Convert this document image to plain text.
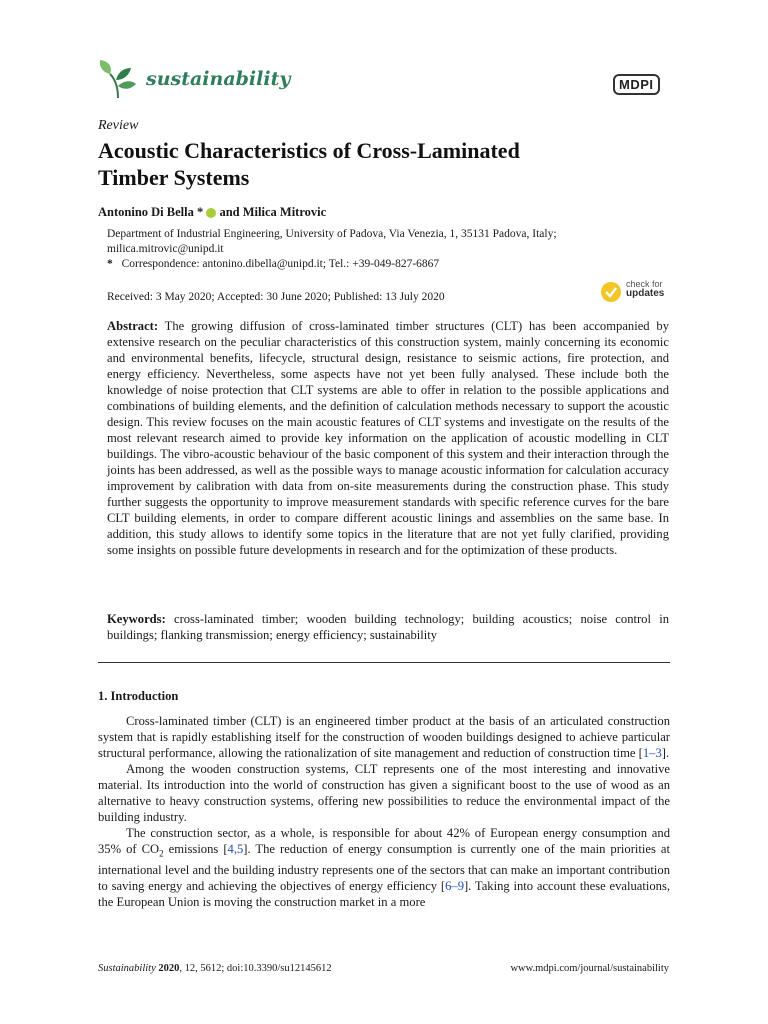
sustainability	MDPI
Review
Acoustic Characteristics of Cross-Laminated
Timber Systems
Antonino Di Bella *  and Milica Mitrovic
Department of Industrial Engineering, University of Padova, Via Venezia, 1, 35131 Padova, Italy;
milica.mitrovic@unipd.it
* Correspondence: antonino.dibella@unipd.it; Tel.: +39-049-827-6867
Received: 3 May 2020; Accepted: 30 June 2020; Published: 13 July 2020
check for
updates

Abstract: The growing diffusion of cross-laminated timber structures (CLT) has been accompanied by extensive research on the peculiar characteristics of this construction system, mainly concerning its economic and environmental benefits, lifecycle, structural design, resistance to seismic actions, fire protection, and energy efficiency. Nevertheless, some aspects have not yet been fully analysed. These include both the knowledge of noise protection that CLT systems are able to offer in relation to the possible applications and combinations of building elements, and the definition of calculation methods necessary to support the acoustic design. This review focuses on the main acoustic features of CLT systems and investigate on the results of the most relevant research aimed to provide key information on the application of acoustic modelling in CLT buildings. The vibro-acoustic behaviour of the basic component of this system and their interaction through the joints has been addressed, as well as the possible ways to manage acoustic information for calculation accuracy improvement by calibration with data from on-site measurements during the construction phase. This study further suggests the opportunity to improve measurement standards with specific reference curves for the bare CLT building elements, in order to compare different acoustic linings and assemblies on the same base. In addition, this study allows to identify some topics in the literature that are not yet fully clarified, providing some insights on possible future developments in research and for the optimization of these products.

Keywords: cross-laminated timber; wooden building technology; building acoustics; noise control in buildings; flanking transmission; energy efficiency; sustainability
1. Introduction

Cross-laminated timber (CLT) is an engineered timber product at the basis of an articulated construction system that is rapidly establishing itself for the construction of wooden buildings designed to achieve particular structural performance, allowing the rationalization of site management and reduction of construction time [1–3].

Among the wooden construction systems, CLT represents one of the most interesting and innovative material. Its introduction into the world of construction has given a significant boost to the use of wood as an alternative to heavy construction systems, offering new possibilities to reduce the environmental impact of the building industry.

The construction sector, as a whole, is responsible for about 42% of European energy consumption and 35% of $CO_2$ emissions [4,5]. The reduction of energy consumption is currently one of the main priorities at international level and the building industry represents one of the sectors that can make an important contribution to saving energy and achieving the objectives of energy efficiency [6–9]. Taking into account these evaluations, the European Union is moving the construction market in a more

Sustainability 2020, 12, 5612; doi:10.3390/su12145612	www.mdpi.com/journal/sustainability
